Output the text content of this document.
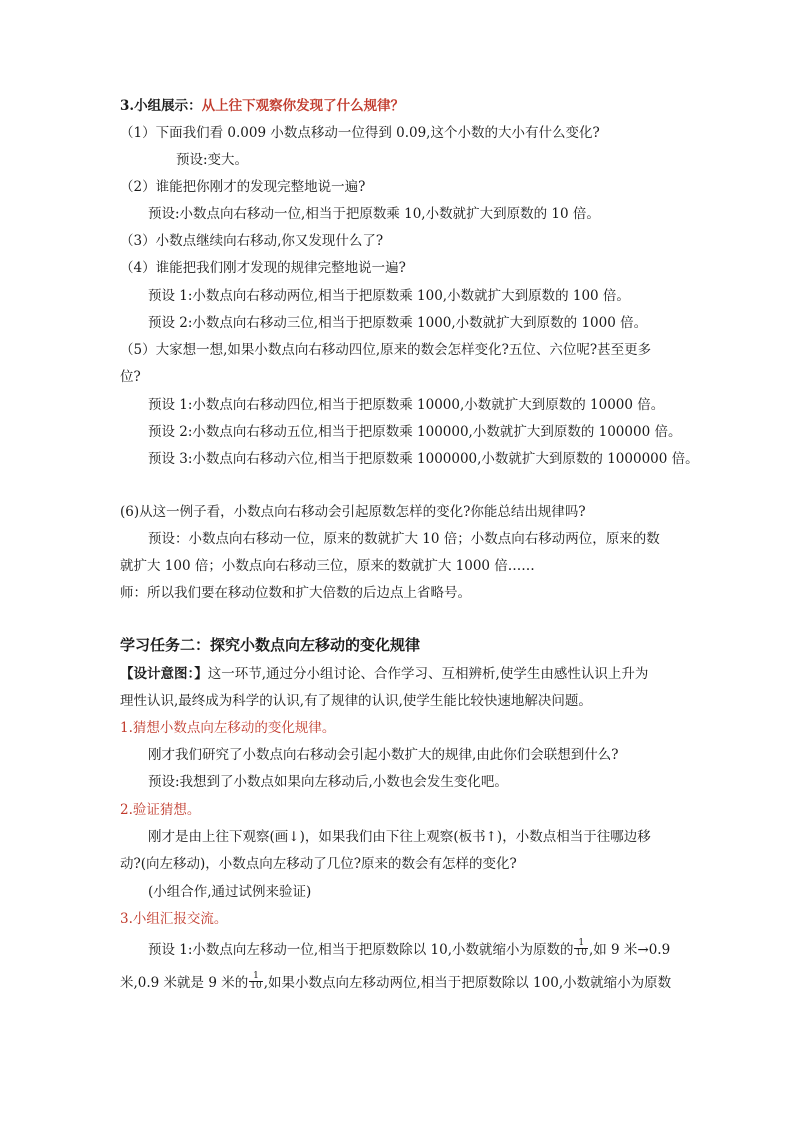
3.小组展示：从上往下观察你发现了什么规律？
（1）下面我们看 0.009 小数点移动一位得到 0.09,这个小数的大小有什么变化?
预设:变大。
（2）谁能把你刚才的发现完整地说一遍?
预设:小数点向右移动一位,相当于把原数乘 10,小数就扩大到原数的 10 倍。
（3）小数点继续向右移动,你又发现什么了?
（4）谁能把我们刚才发现的规律完整地说一遍?
预设 1:小数点向右移动两位,相当于把原数乘 100,小数就扩大到原数的 100 倍。
预设 2:小数点向右移动三位,相当于把原数乘 1000,小数就扩大到原数的 1000 倍。
（5）大家想一想,如果小数点向右移动四位,原来的数会怎样变化?五位、六位呢?甚至更多
位?
预设 1:小数点向右移动四位,相当于把原数乘 10000,小数就扩大到原数的 10000 倍。
预设 2:小数点向右移动五位,相当于把原数乘 100000,小数就扩大到原数的 100000 倍。
预设 3:小数点向右移动六位,相当于把原数乘 1000000,小数就扩大到原数的 1000000 倍。
(6)从这一例子看，小数点向右移动会引起原数怎样的变化?你能总结出规律吗?
预设：小数点向右移动一位，原来的数就扩大 10 倍；小数点向右移动两位，原来的数
就扩大 100 倍；小数点向右移动三位，原来的数就扩大 1000 倍……
师：所以我们要在移动位数和扩大倍数的后边点上省略号。
学习任务二：探究小数点向左移动的变化规律
【设计意图：】这一环节,通过分小组讨论、合作学习、互相辨析,使学生由感性认识上升为
理性认识,最终成为科学的认识,有了规律的认识,使学生能比较快速地解决问题。
1.猜想小数点向左移动的变化规律。
刚才我们研究了小数点向右移动会引起小数扩大的规律,由此你们会联想到什么?
预设:我想到了小数点如果向左移动后,小数也会发生变化吧。
2.验证猜想。
刚才是由上往下观察(画↓)，如果我们由下往上观察(板书↑)，小数点相当于往哪边移
动?(向左移动)，小数点向左移动了几位?原来的数会有怎样的变化?
(小组合作,通过试例来验证)
3.小组汇报交流。
预设 1:小数点向左移动一位,相当于把原数除以 10,小数就缩小为原数的 $\frac{1}{10}$ ,如 9 米→0.9
米,0.9 米就是 9 米的 $\frac{1}{10}$ ,如果小数点向左移动两位,相当于把原数除以 100,小数就缩小为原数
